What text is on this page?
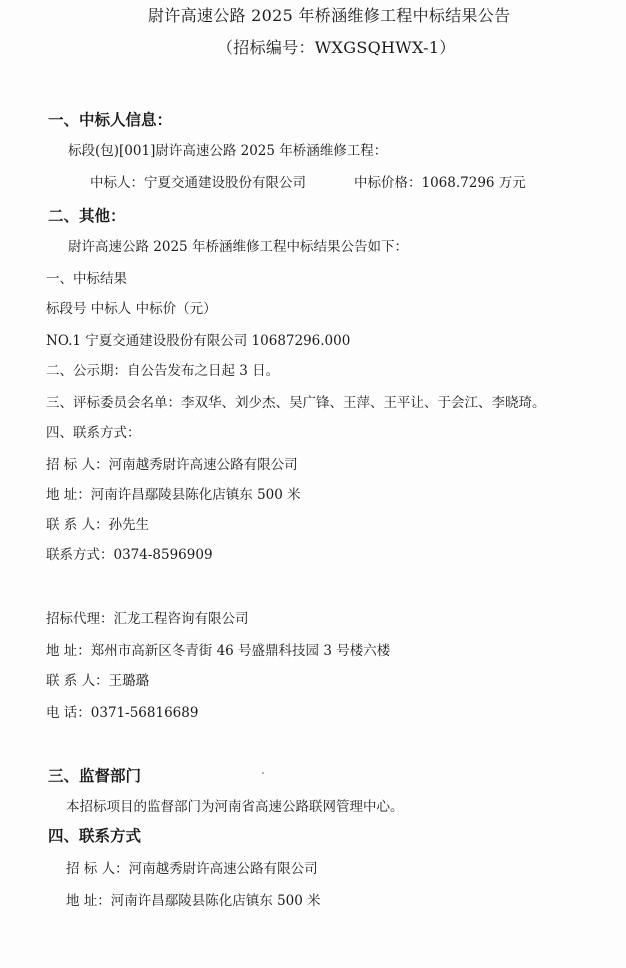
尉许高速公路 2025 年桥涵维修工程中标结果公告
（招标编号：WXGSQHWX-1）
一、中标人信息：
标段(包)[001]尉许高速公路 2025 年桥涵维修工程：
中标人：宁夏交通建设股份有限公司	中标价格：1068.7296 万元
二、其他：
尉许高速公路 2025 年桥涵维修工程中标结果公告如下：
一、中标结果
标段号 中标人 中标价（元）
NO.1 宁夏交通建设股份有限公司 10687296.000
二、公示期：自公告发布之日起 3 日。
三、评标委员会名单：李双华、刘少杰、吴广锋、王萍、王平让、于会江、李晓琦。
四、联系方式：
招 标 人：河南越秀尉许高速公路有限公司
地 址：河南许昌鄢陵县陈化店镇东 500 米
联 系 人：孙先生
联系方式：0374-8596909
招标代理：汇龙工程咨询有限公司
地 址：郑州市高新区冬青街 46 号盛鼎科技园 3 号楼六楼
联 系 人：王璐璐
电 话：0371-56816689
三、监督部门
本招标项目的监督部门为河南省高速公路联网管理中心。
四、联系方式
招 标 人：河南越秀尉许高速公路有限公司
地 址：河南许昌鄢陵县陈化店镇东 500 米
